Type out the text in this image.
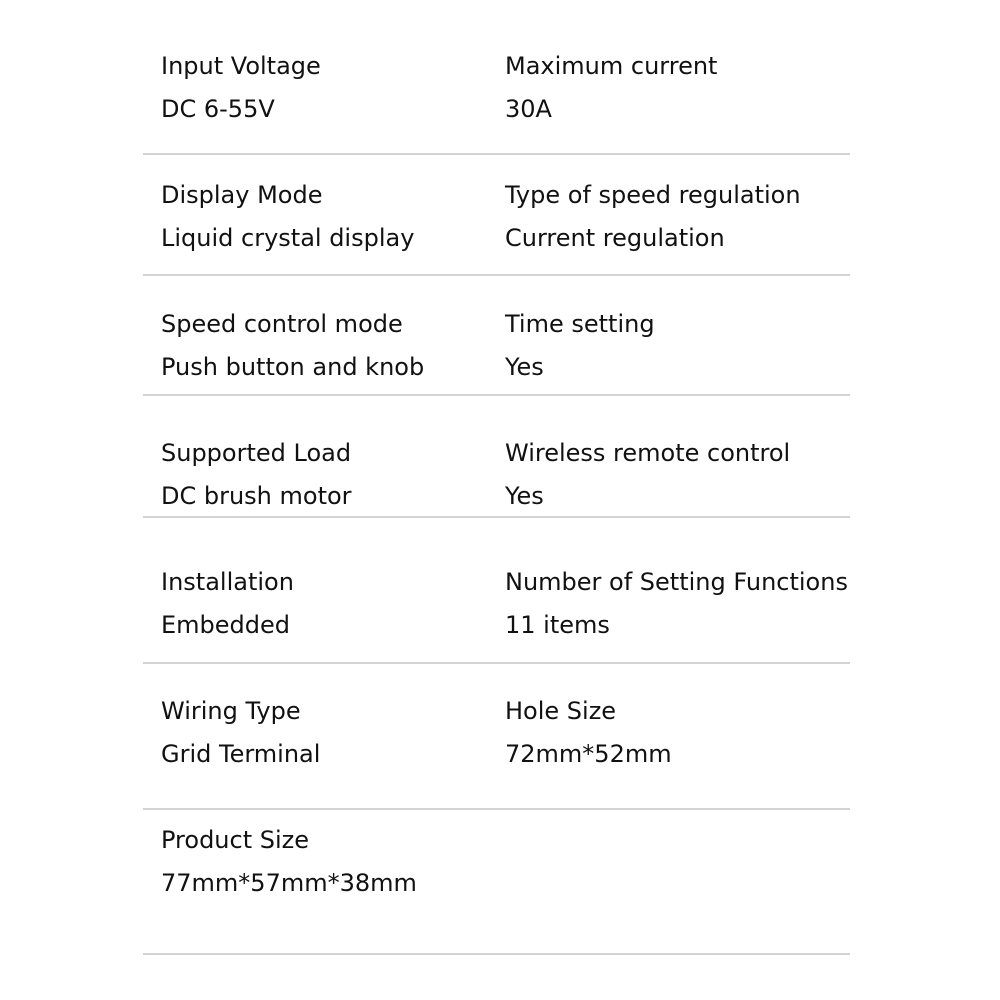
Input Voltage
DC 6-55V
Maximum current
30A
Display Mode
Liquid crystal display
Type of speed regulation
Current regulation
Speed control mode
Push button and knob
Time setting
Yes
Supported Load
DC brush motor
Wireless remote control
Yes
Installation
Embedded
Number of Setting Functions
11 items
Wiring Type
Grid Terminal
Hole Size
72mm*52mm
Product Size
77mm*57mm*38mm
